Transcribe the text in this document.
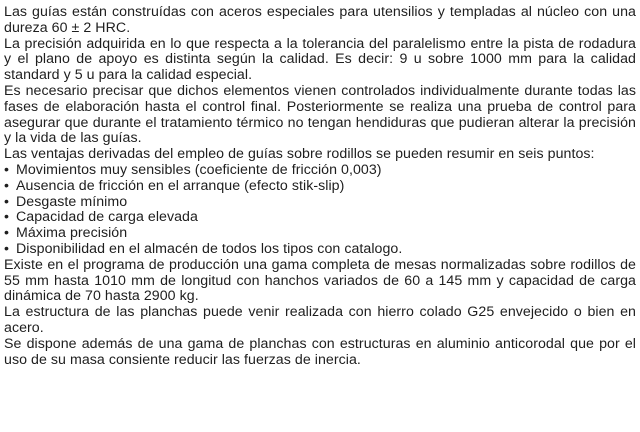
Las guías están construídas con aceros especiales para utensilios y templadas al núcleo con una dureza 60 ± 2 HRC.

La precisión adquirida en lo que respecta a la tolerancia del paralelismo entre la pista de rodadura y el plano de apoyo es distinta según la calidad. Es decir: 9 u sobre 1000 mm para la calidad standard y 5 u para la calidad especial.

Es necesario precisar que dichos elementos vienen controlados individualmente durante todas las fases de elaboración hasta el control final. Posteriormente se realiza una prueba de control para asegurar que durante el tratamiento térmico no tengan hendiduras que pudieran alterar la precisión y la vida de las guías.

Las ventajas derivadas del empleo de guías sobre rodillos se pueden resumir en seis puntos:

• Movimientos muy sensibles (coeficiente de fricción 0,003)
• Ausencia de fricción en el arranque (efecto stik-slip)
• Desgaste mínimo
• Capacidad de carga elevada
• Máxima precisión
• Disponibilidad en el almacén de todos los tipos con catalogo.

Existe en el programa de producción una gama completa de mesas normalizadas sobre rodillos de 55 mm hasta 1010 mm de longitud con hanchos variados de 60 a 145 mm y capacidad de carga dinámica de 70 hasta 2900 kg.

La estructura de las planchas puede venir realizada con hierro colado G25 envejecido o bien en acero.

Se dispone además de una gama de planchas con estructuras en aluminio anticorodal que por el uso de su masa consiente reducir las fuerzas de inercia.
